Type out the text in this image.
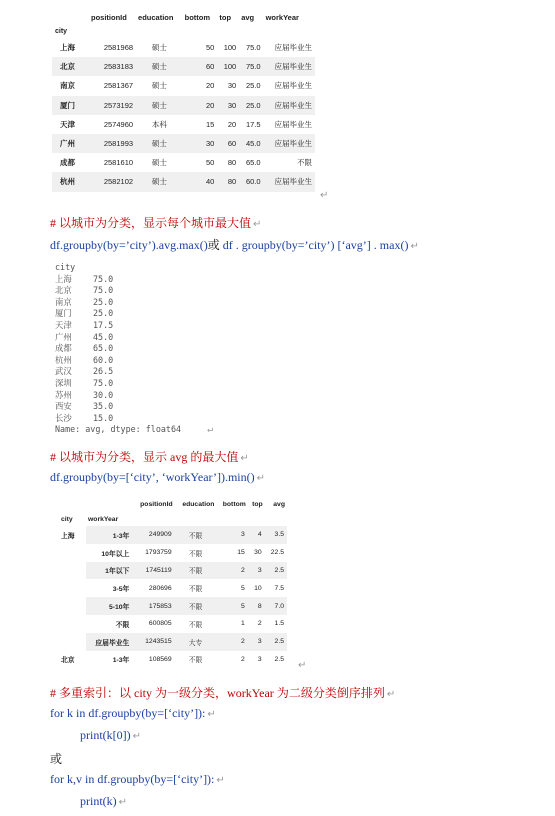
	positionId	education	bottom	top	avg	workYear
city						
上海	2581968	硕士	50	100	75.0	应届毕业生
北京	2583183	硕士	60	100	75.0	应届毕业生
南京	2581367	硕士	20	30	25.0	应届毕业生
厦门	2573192	硕士	20	30	25.0	应届毕业生
天津	2574960	本科	15	20	17.5	应届毕业生
广州	2581993	硕士	30	60	45.0	应届毕业生
成都	2581610	硕士	50	80	65.0	不限
杭州	2582102	硕士	40	80	60.0	应届毕业生
↵
# 以城市为分类，显示每个城市最大值 ↵
df.groupby(by=’city’).avg.max()或 df . groupby(by=’city’) [‘avg’] . max() ↵
city
上海	75.0
北京	75.0
南京	25.0
厦门	25.0
天津	17.5
广州	45.0
成都	65.0
杭州	60.0
武汉	26.5
深圳	75.0
苏州	30.0
西安	35.0
长沙	15.0
Name: avg, dtype: float64	↵
# 以城市为分类，显示 avg 的最大值 ↵
df.groupby(by=[‘city’, ‘workYear’]).min() ↵
		positionId	education	bottom	top	avg
city	workYear					
上海	1-3年	249909	不限	3	4	3.5
	10年以上	1793759	不限	15	30	22.5
	1年以下	1745119	不限	2	3	2.5
	3-5年	280696	不限	5	10	7.5
	5-10年	175853	不限	5	8	7.0
	不限	600805	不限	1	2	1.5
	应届毕业生	1243515	大专	2	3	2.5
北京	1-3年	108569	不限	2	3	2.5
↵
# 多重索引：以 city 为一级分类，workYear 为二级分类倒序排列 ↵
for k in df.groupby(by=[‘city’]): ↵
print(k[0]) ↵
或
for k,v in df.groupby(by=[‘city’]): ↵
print(k) ↵
